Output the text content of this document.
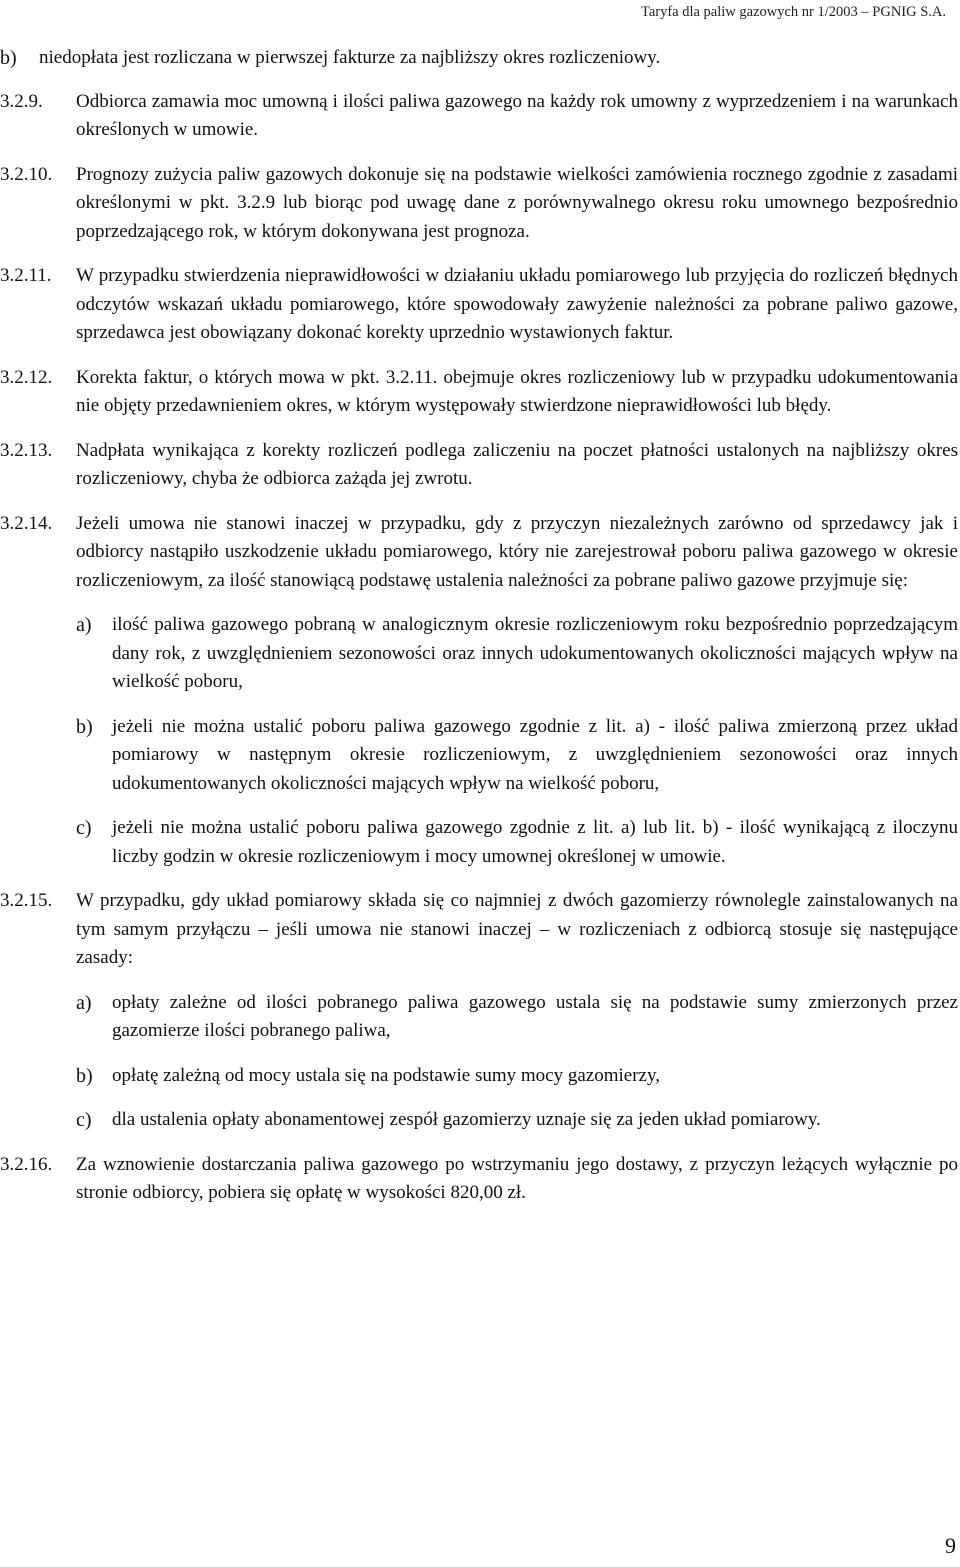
Taryfa dla paliw gazowych nr 1/2003 – PGNIG S.A.
b)	niedopłata jest rozliczana w pierwszej fakturze za najbliższy okres rozliczeniowy.
3.2.9.	Odbiorca zamawia moc umowną i ilości paliwa gazowego na każdy rok umowny z wyprzedzeniem i na warunkach określonych w umowie.
3.2.10.	Prognozy zużycia paliw gazowych dokonuje się na podstawie wielkości zamówienia rocznego zgodnie z zasadami określonymi w pkt. 3.2.9 lub biorąc pod uwagę dane z porównywalnego okresu roku umownego bezpośrednio poprzedzającego rok, w którym dokonywana jest prognoza.
3.2.11.	W przypadku stwierdzenia nieprawidłowości w działaniu układu pomiarowego lub przyjęcia do rozliczeń błędnych odczytów wskazań układu pomiarowego, które spowodowały zawyżenie należności za pobrane paliwo gazowe, sprzedawca jest obowiązany dokonać korekty uprzednio wystawionych faktur.
3.2.12.	Korekta faktur, o których mowa w pkt. 3.2.11. obejmuje okres rozliczeniowy lub w przypadku udokumentowania nie objęty przedawnieniem okres, w którym występowały stwierdzone nieprawidłowości lub błędy.
3.2.13.	Nadpłata wynikająca z korekty rozliczeń podlega zaliczeniu na poczet płatności ustalonych na najbliższy okres rozliczeniowy, chyba że odbiorca zażąda jej zwrotu.
3.2.14.	Jeżeli umowa nie stanowi inaczej w przypadku, gdy z przyczyn niezależnych zarówno od sprzedawcy jak i odbiorcy nastąpiło uszkodzenie układu pomiarowego, który nie zarejestrował poboru paliwa gazowego w okresie rozliczeniowym, za ilość stanowiącą podstawę ustalenia należności za pobrane paliwo gazowe przyjmuje się:
a)	ilość paliwa gazowego pobraną w analogicznym okresie rozliczeniowym roku bezpośrednio poprzedzającym dany rok, z uwzględnieniem sezonowości oraz innych udokumentowanych okoliczności mających wpływ na wielkość poboru,
b)	jeżeli nie można ustalić poboru paliwa gazowego zgodnie z lit. a) - ilość paliwa zmierzoną przez układ pomiarowy w następnym okresie rozliczeniowym, z uwzględnieniem sezonowości oraz innych udokumentowanych okoliczności mających wpływ na wielkość poboru,
c)	jeżeli nie można ustalić poboru paliwa gazowego zgodnie z lit. a) lub lit. b) - ilość wynikającą z iloczynu liczby godzin w okresie rozliczeniowym i mocy umownej określonej w umowie.
3.2.15.	W przypadku, gdy układ pomiarowy składa się co najmniej z dwóch gazomierzy równolegle zainstalowanych na tym samym przyłączu – jeśli umowa nie stanowi inaczej – w rozliczeniach z odbiorcą stosuje się następujące zasady:
a)	opłaty zależne od ilości pobranego paliwa gazowego ustala się na podstawie sumy zmierzonych przez gazomierze ilości pobranego paliwa,
b)	opłatę zależną od mocy ustala się na podstawie sumy mocy gazomierzy,
c)	dla ustalenia opłaty abonamentowej zespół gazomierzy uznaje się za jeden układ pomiarowy.
3.2.16.	Za wznowienie dostarczania paliwa gazowego po wstrzymaniu jego dostawy, z przyczyn leżących wyłącznie po stronie odbiorcy, pobiera się opłatę w wysokości 820,00 zł.
9
